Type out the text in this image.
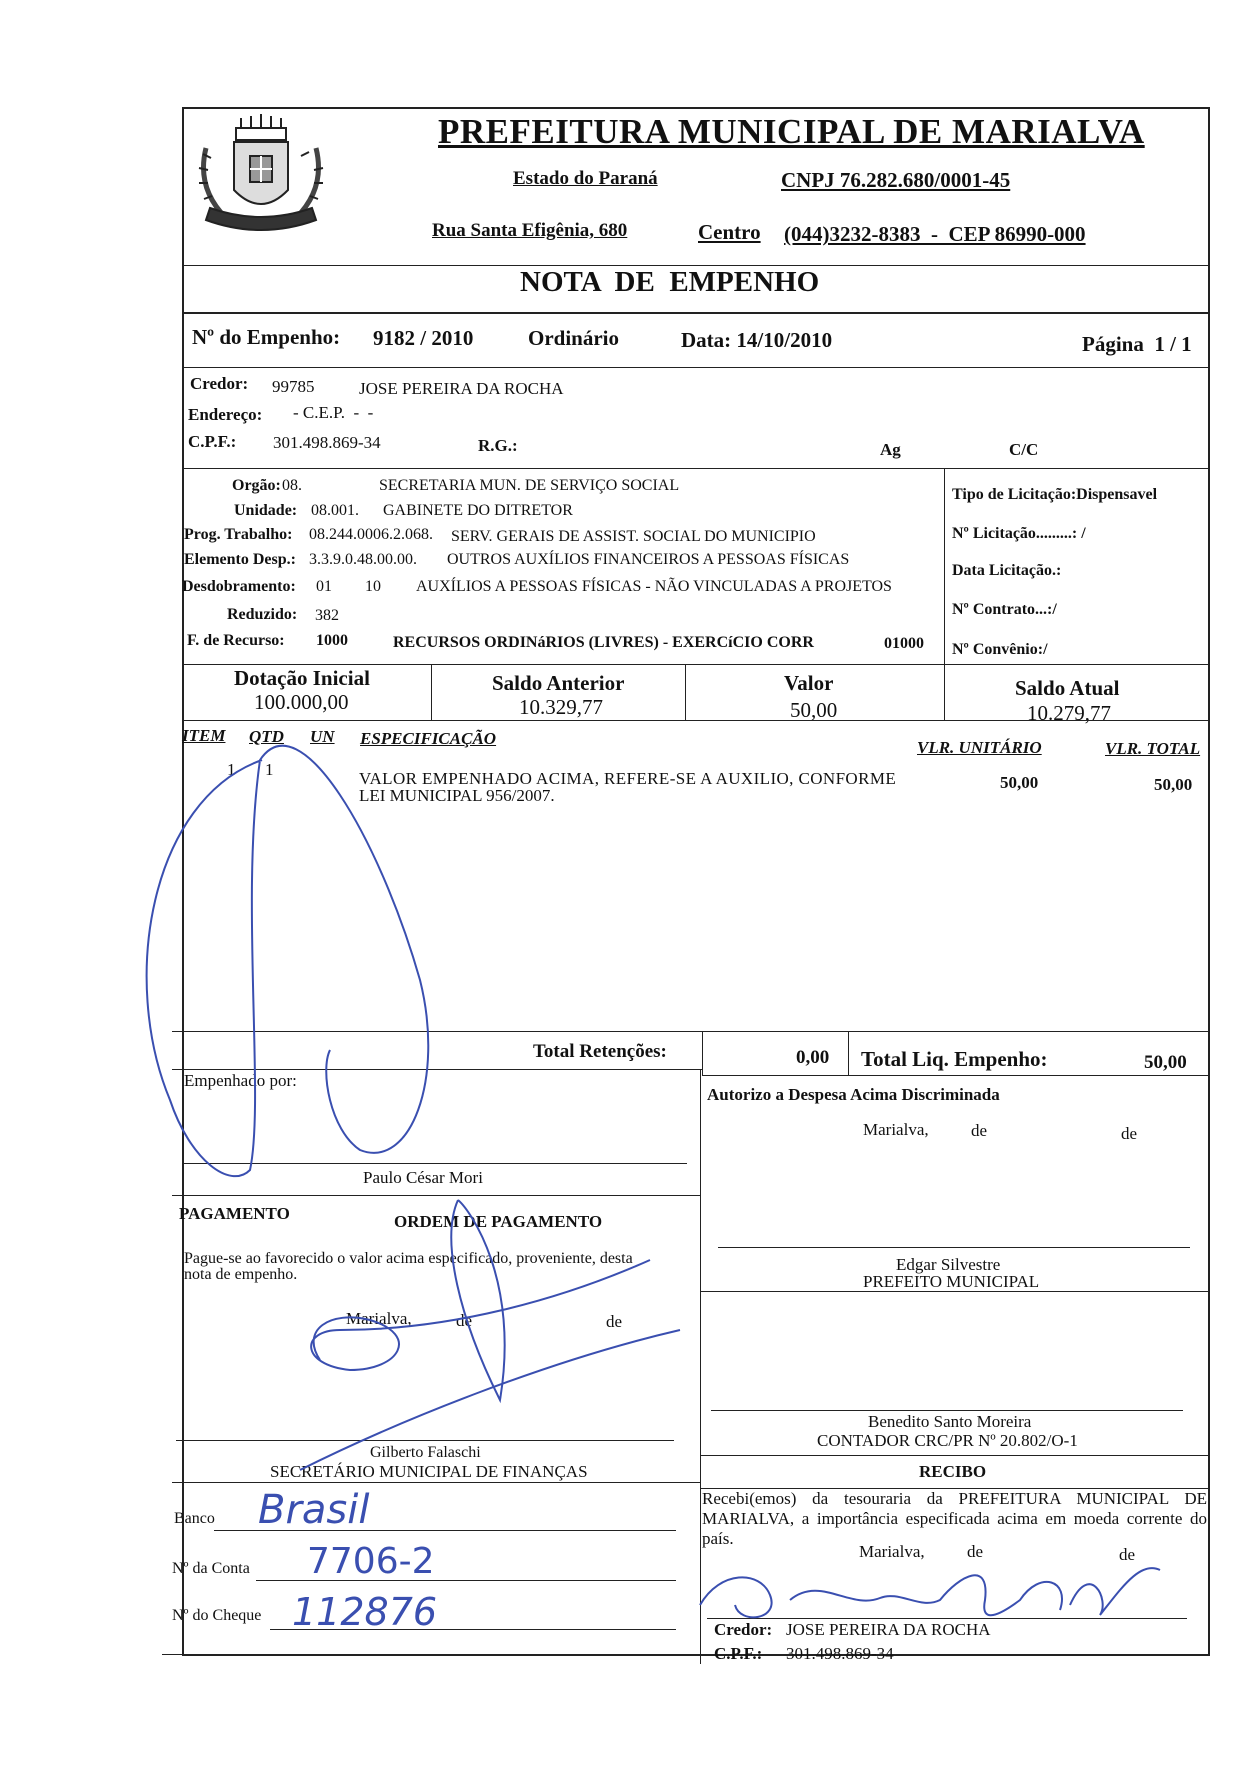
PREFEITURA MUNICIPAL DE MARIALVA
Estado do Paraná	CNPJ 76.282.680/0001-45
Rua Santa Efigênia, 680	Centro (044)3232-8383  -  CEP 86990-000
NOTA  DE  EMPENHO
Nº do Empenho: 9182 / 2010	Ordinário	Data: 14/10/2010	Página  1 / 1
Credor: 99785	JOSE PEREIRA DA ROCHA
Endereço: - C.E.P.  -  -
C.P.F.: 301.498.869-34	R.G.:	Ag	C/C
Orgão: 08.	SECRETARIA MUN. DE SERVIÇO SOCIAL
Unidade: 08.001. GABINETE DO DITRETOR
Prog. Trabalho: 08.244.0006.2.068. SERV. GERAIS DE ASSIST. SOCIAL DO MUNICIPIO
Elemento Desp.: 3.3.9.0.48.00.00. OUTROS AUXÍLIOS FINANCEIROS A PESSOAS FÍSICAS
Desdobramento: 01 10 AUXÍLIOS A PESSOAS FÍSICAS - NÃO VINCULADAS A PROJETOS
Reduzido: 382
F. de Recurso: 1000	RECURSOS ORDINáRIOS (LIVRES) - EXERCíCIO CORR	01000
Tipo de Licitação:Dispensavel
Nº Licitação.........: /
Data Licitação.:
Nº Contrato...:/
Nº Convênio:/
Dotação Inicial
100.000,00
Saldo Anterior
10.329,77
Valor
50,00
Saldo Atual
10.279,77
ITEM QTD UN ESPECIFICAÇÃO	VLR. UNITÁRIO	VLR. TOTAL
1 1	VALOR EMPENHADO ACIMA, REFERE-SE A AUXILIO, CONFORME
LEI MUNICIPAL 956/2007.
50,00	50,00
Total Retenções:	0,00 Total Liq. Empenho:	50,00
Empenhado por:
Paulo César Mori
Autorizo a Despesa Acima Discriminada
Marialva, de	de
Edgar Silvestre
PREFEITO MUNICIPAL
PAGAMENTO	ORDEM DE PAGAMENTO
Pague-se ao favorecido o valor acima especificado, proveniente, desta
nota de empenho.
Marialva,	de	de
Gilberto Falaschi
SECRETÁRIO MUNICIPAL DE FINANÇAS
Benedito Santo Moreira
CONTADOR CRC/PR Nº 20.802/O-1
Banco Brasil
Nº da Conta 7706-2
Nº do Cheque 112876
RECIBO
Recebi(emos) da tesouraria da PREFEITURA MUNICIPAL DE
MARIALVA, a importância especificada acima em moeda corrente do
país.
Marialva, de	de
Credor: JOSE PEREIRA DA ROCHA
C.P.F.: 301.498.869-34
